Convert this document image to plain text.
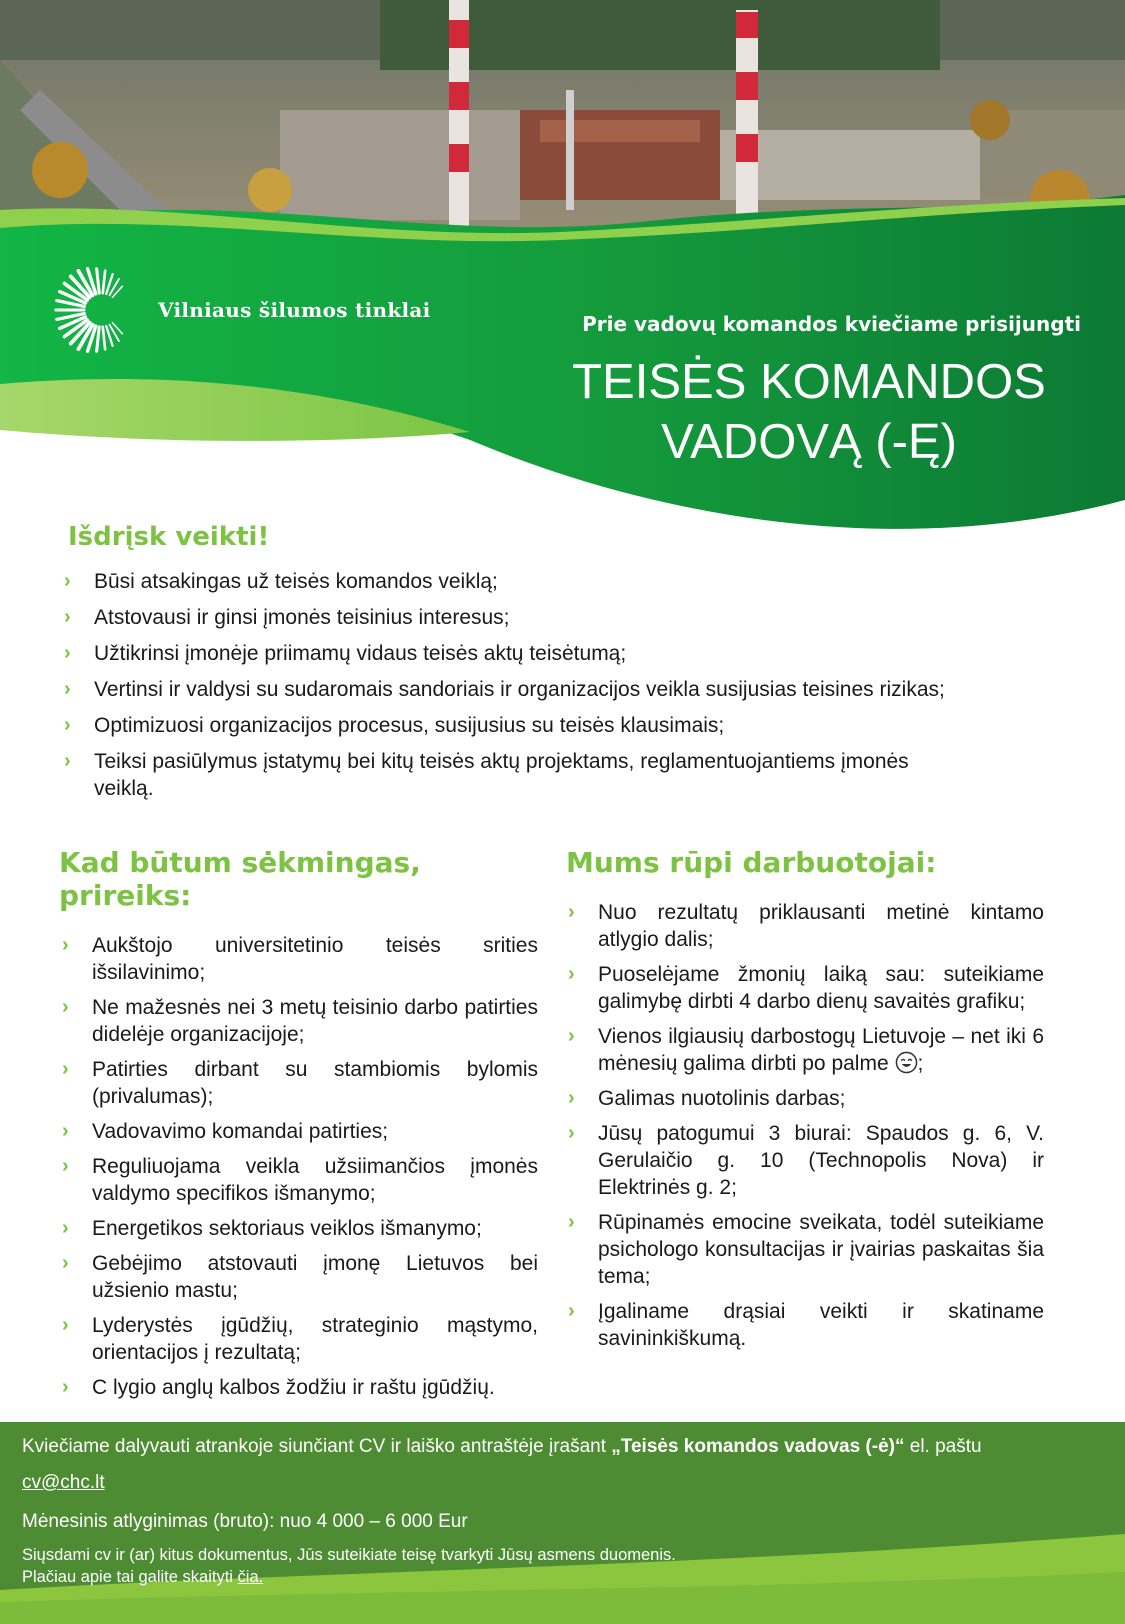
Vilniaus šilumos tinklai
Prie vadovų komandos kviečiame prisijungti
TEISĖS KOMANDOS
VADOVĄ (-Ę)
Išdrįsk veikti!
› Būsi atsakingas už teisės komandos veiklą;
› Atstovausi ir ginsi įmonės teisinius interesus;
› Užtikrinsi įmonėje priimamų vidaus teisės aktų teisėtumą;
› Vertinsi ir valdysi su sudaromais sandoriais ir organizacijos veikla susijusias teisines rizikas;
› Optimizuosi organizacijos procesus, susijusius su teisės klausimais;
› Teiksi pasiūlymus įstatymų bei kitų teisės aktų projektams, reglamentuojantiems įmonės veiklą.
Kad būtum sėkmingas, prireiks:
› Aukštojo universitetinio teisės srities išsilavinimo;
› Ne mažesnės nei 3 metų teisinio darbo patirties didelėje organizacijoje;
› Patirties dirbant su stambiomis bylomis (privalumas);
› Vadovavimo komandai patirties;
› Reguliuojama veikla užsiimančios įmonės valdymo specifikos išmanymo;
› Energetikos sektoriaus veiklos išmanymo;
› Gebėjimo atstovauti įmonę Lietuvos bei užsienio mastu;
› Lyderystės įgūdžių, strateginio mąstymo, orientacijos į rezultatą;
› C lygio anglų kalbos žodžiu ir raštu įgūdžių.
Mums rūpi darbuotojai:
› Nuo rezultatų priklausanti metinė kintamo atlygio dalis;
› Puoselėjame žmonių laiką sau: suteikiame galimybę dirbti 4 darbo dienų savaitės grafiku;
› Vienos ilgiausių darbostogų Lietuvoje – net iki 6 mėnesių galima dirbti po palme ;
› Galimas nuotolinis darbas;
› Jūsų patogumui 3 biurai: Spaudos g. 6, V. Gerulaičio g. 10 (Technopolis Nova) ir Elektrinės g. 2;
› Rūpinamės emocine sveikata, todėl suteikiame psichologo konsultacijas ir įvairias paskaitas šia tema;
› Įgaliname drąsiai veikti ir skatiname savininkiškumą.
Kviečiame dalyvauti atrankoje siunčiant CV ir laiško antraštėje įrašant „Teisės komandos vadovas (-ė)“ el. paštu
cv@chc.lt
Mėnesinis atlyginimas (bruto): nuo 4 000 – 6 000 Eur
Siųsdami cv ir (ar) kitus dokumentus, Jūs suteikiate teisę tvarkyti Jūsų asmens duomenis.
Plačiau apie tai galite skaityti čia.
